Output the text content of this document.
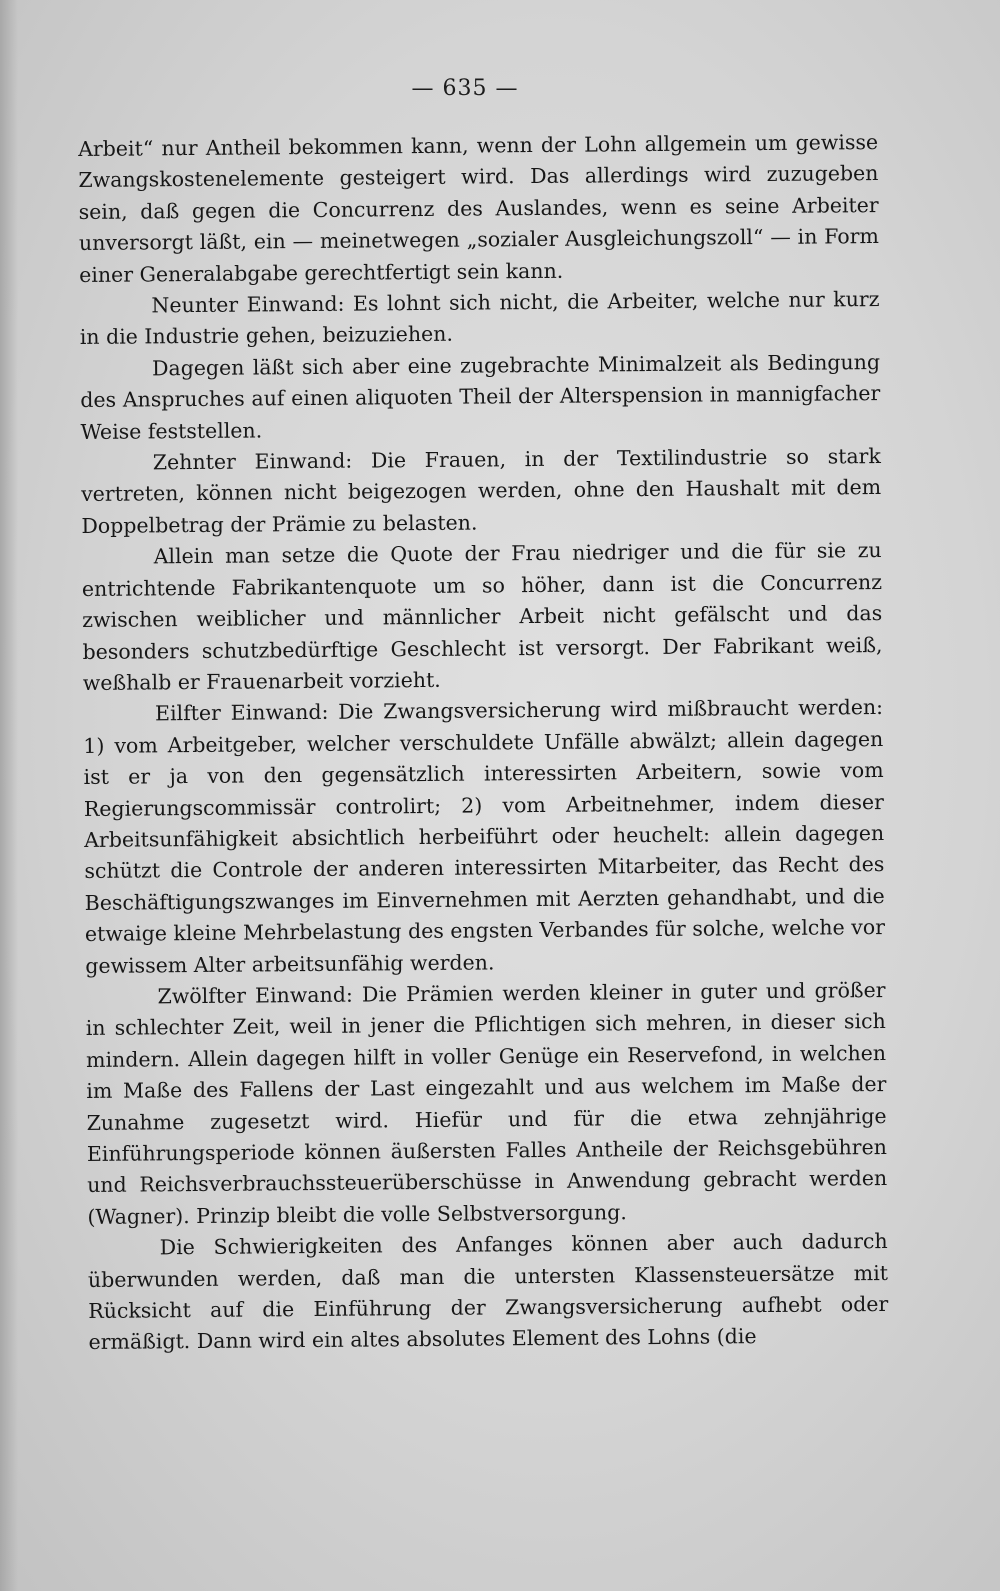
— 635 —

Arbeit“ nur Antheil bekommen kann, wenn der Lohn allgemein um gewisse Zwangskostenelemente gesteigert wird. Das allerdings wird zuzugeben sein, daß gegen die Concurrenz des Auslandes, wenn es seine Arbeiter unversorgt läßt, ein — meinetwegen „sozialer Ausgleichungszoll“ — in Form einer Generalabgabe gerechtfertigt sein kann.

Neunter Einwand: Es lohnt sich nicht, die Arbeiter, welche nur kurz in die Industrie gehen, beizuziehen.

Dagegen läßt sich aber eine zugebrachte Minimalzeit als Bedingung des Anspruches auf einen aliquoten Theil der Alterspension in mannigfacher Weise feststellen.

Zehnter Einwand: Die Frauen, in der Textilindustrie so stark vertreten, können nicht beigezogen werden, ohne den Haushalt mit dem Doppelbetrag der Prämie zu belasten.

Allein man setze die Quote der Frau niedriger und die für sie zu entrichtende Fabrikantenquote um so höher, dann ist die Concurrenz zwischen weiblicher und männlicher Arbeit nicht gefälscht und das besonders schutzbedürftige Geschlecht ist versorgt. Der Fabrikant weiß, weßhalb er Frauenarbeit vorzieht.

Eilfter Einwand: Die Zwangsversicherung wird mißbraucht werden: 1) vom Arbeitgeber, welcher verschuldete Unfälle abwälzt; allein dagegen ist er ja von den gegensätzlich interessirten Arbeitern, sowie vom Regierungscommissär controlirt; 2) vom Arbeitnehmer, indem dieser Arbeitsunfähigkeit absichtlich herbeiführt oder heuchelt: allein dagegen schützt die Controle der anderen interessirten Mitarbeiter, das Recht des Beschäftigungszwanges im Einvernehmen mit Aerzten gehandhabt, und die etwaige kleine Mehrbelastung des engsten Verbandes für solche, welche vor gewissem Alter arbeitsunfähig werden.

Zwölfter Einwand: Die Prämien werden kleiner in guter und größer in schlechter Zeit, weil in jener die Pflichtigen sich mehren, in dieser sich mindern. Allein dagegen hilft in voller Genüge ein Reservefond, in welchen im Maße des Fallens der Last eingezahlt und aus welchem im Maße der Zunahme zugesetzt wird. Hiefür und für die etwa zehnjährige Einführungsperiode können äußersten Falles Antheile der Reichsgebühren und Reichsverbrauchssteuerüberschüsse in Anwendung gebracht werden (Wagner). Prinzip bleibt die volle Selbstversorgung.

Die Schwierigkeiten des Anfanges können aber auch dadurch überwunden werden, daß man die untersten Klassensteuersätze mit Rücksicht auf die Einführung der Zwangsversicherung aufhebt oder ermäßigt. Dann wird ein altes absolutes Element des Lohns (die
